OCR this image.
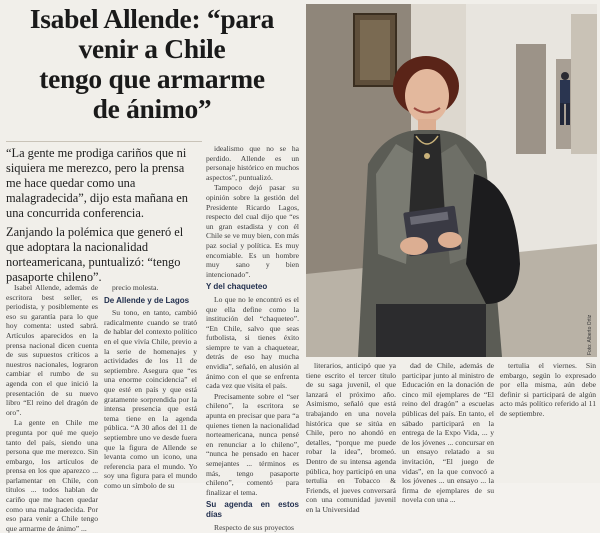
Isabel Allende: “para
venir a Chile
tengo que armarme
de ánimo”

“La gente me prodiga cariños que ni siquiera me merezco, pero la prensa me hace quedar como una malagradecida”, dijo esta mañana en una concurrida conferencia.

Zanjando la polémica que generó el que adoptara la nacionalidad norteamericana, puntualizó: “tengo pasaporte chileno”.

Foto: Alberto Ortiz

Isabel Allende, además de escritora best seller, es periodista, y posiblemente es eso su garantía para lo que hoy comenta: usted sabrá. Artículos aparecidos en la prensa nacional dicen cuenta de sus supuestos críticos a nuestros nacionales, lograron cambiar el rumbo de su agenda con el que inició la presentación de su nuevo libro “El reino del dragón de oro”.

La gente en Chile me pregunta por qué me quejo tanto del país, siendo una persona que me merezco. Sin embargo, los artículos de prensa en los que aparezco ... parlamentar en Chile, con títulos ... todos hablan de cariño que me hacen quedar como una malagradecida. Por eso para venir a Chile tengo que armarme de ánimo” ...

precio molesta.

De Allende y de Lagos

Su tono, en tanto, cambió radicalmente cuando se trató de hablar del contexto político en el que vivía Chile, previo a la serie de homenajes y actividades de los 11 de septiembre. Asegura que “es una enorme coincidencia” el que esté en país y que está gratamente sorprendida por la intensa presencia que está tema tiene en la agenda pública. “A 30 años del 11 de septiembre uno ve desde fuera que la figura de Allende se levanta como un icono, una referencia para el mundo. Yo soy una figura para el mundo como un símbolo de su

idealismo que no se ha perdido. Allende es un personaje histórico en muchos aspectos”, puntualizó.

Tampoco dejó pasar su opinión sobre la gestión del Presidente Ricardo Lagos, respecto del cual dijo que “es un gran estadista y con él Chile se ve muy bien, con más paz social y política. Es muy encomiable. Es un hombre muy sano y bien intencionado”.

Y del chaqueteo

Lo que no le encontró es el que ella define como la institución del “chaqueteo”. “En Chile, salvo que seas futbolista, si tienes éxito siempre te van a chaquetear, detrás de eso hay mucha envidia”, señaló, en alusión al ánimo con el que se enfrenta cada vez que visita el país.

Precisamente sobre el “ser chileno”, la escritora se apunta en precisar que para “a quienes tienen la nacionalidad norteamericana, nunca pensé en renunciar a lo chileno”, “nunca he pensado en hacer semejantes ... términos es más, tengo pasaporte chileno”, comentó para finalizar el tema.

Su agenda en estos días

Respecto de sus proyectos

literarios, anticipó que ya tiene escrito el tercer título de su saga juvenil, el que lanzará el próximo año. Asimismo, señaló que está trabajando en una novela histórica que se sitúa en Chile, pero no ahondó en detalles, “porque me puede robar la idea”, bromeó. Dentro de su intensa agenda pública, hoy participó en una tertulia en Tobacco & Friends, el jueves conversará con una comunidad juvenil en la Universidad

dad de Chile, además de participar junto al ministro de Educación en la donación de cinco mil ejemplares de “El reino del dragón” a escuelas públicas del país. En tanto, el sábado participará en la entrega de la Expo Vida, ... y de los jóvenes ... concursar en un ensayo relatado a su invitación, “El juego de vidas”, en la que convocó a los jóvenes ... un ensayo ... la firma de ejemplares de su novela con una ...

tertulia el viernes. Sin embargo, según lo expresado por ella misma, aún debe definir si participará de algún acto más político referido al 11 de septiembre.
